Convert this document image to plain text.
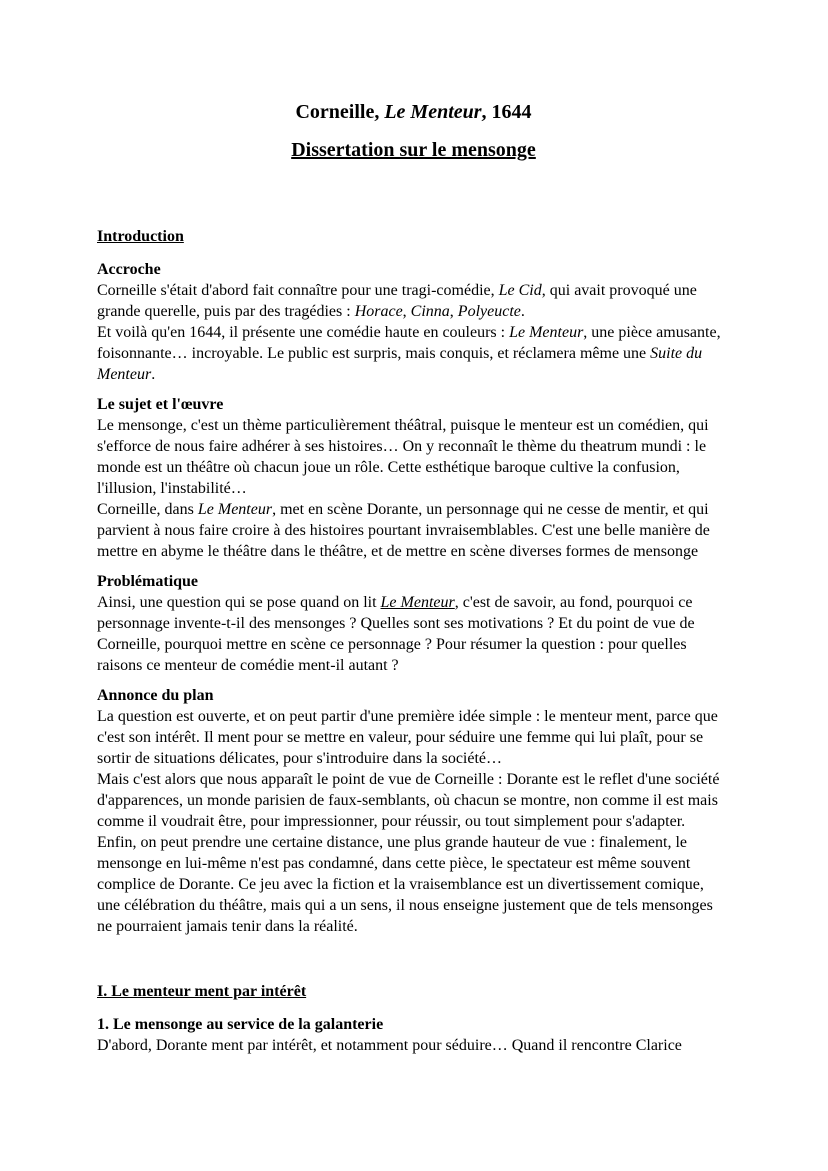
Corneille, Le Menteur, 1644
Dissertation sur le mensonge
Introduction
Accroche
Corneille s'était d'abord fait connaître pour une tragi-comédie, Le Cid, qui avait provoqué une grande querelle, puis par des tragédies : Horace, Cinna, Polyeucte.
Et voilà qu'en 1644, il présente une comédie haute en couleurs : Le Menteur, une pièce amusante, foisonnante… incroyable. Le public est surpris, mais conquis, et réclamera même une Suite du Menteur.
Le sujet et l'œuvre
Le mensonge, c'est un thème particulièrement théâtral, puisque le menteur est un comédien, qui s'efforce de nous faire adhérer à ses histoires… On y reconnaît le thème du theatrum mundi : le monde est un théâtre où chacun joue un rôle. Cette esthétique baroque cultive la confusion, l'illusion, l'instabilité…
Corneille, dans Le Menteur, met en scène Dorante, un personnage qui ne cesse de mentir, et qui parvient à nous faire croire à des histoires pourtant invraisemblables. C'est une belle manière de mettre en abyme le théâtre dans le théâtre, et de mettre en scène diverses formes de mensonge
Problématique
Ainsi, une question qui se pose quand on lit Le Menteur, c'est de savoir, au fond, pourquoi ce personnage invente-t-il des mensonges ? Quelles sont ses motivations ? Et du point de vue de Corneille, pourquoi mettre en scène ce personnage ? Pour résumer la question : pour quelles raisons ce menteur de comédie ment-il autant ?
Annonce du plan
La question est ouverte, et on peut partir d'une première idée simple : le menteur ment, parce que c'est son intérêt. Il ment pour se mettre en valeur, pour séduire une femme qui lui plaît, pour se sortir de situations délicates, pour s'introduire dans la société…
Mais c'est alors que nous apparaît le point de vue de Corneille : Dorante est le reflet d'une société d'apparences, un monde parisien de faux-semblants, où chacun se montre, non comme il est mais comme il voudrait être, pour impressionner, pour réussir, ou tout simplement pour s'adapter.
Enfin, on peut prendre une certaine distance, une plus grande hauteur de vue : finalement, le mensonge en lui-même n'est pas condamné, dans cette pièce, le spectateur est même souvent complice de Dorante. Ce jeu avec la fiction et la vraisemblance est un divertissement comique, une célébration du théâtre, mais qui a un sens, il nous enseigne justement que de tels mensonges ne pourraient jamais tenir dans la réalité.
I. Le menteur ment par intérêt
1. Le mensonge au service de la galanterie
D'abord, Dorante ment par intérêt, et notamment pour séduire… Quand il rencontre Clarice
